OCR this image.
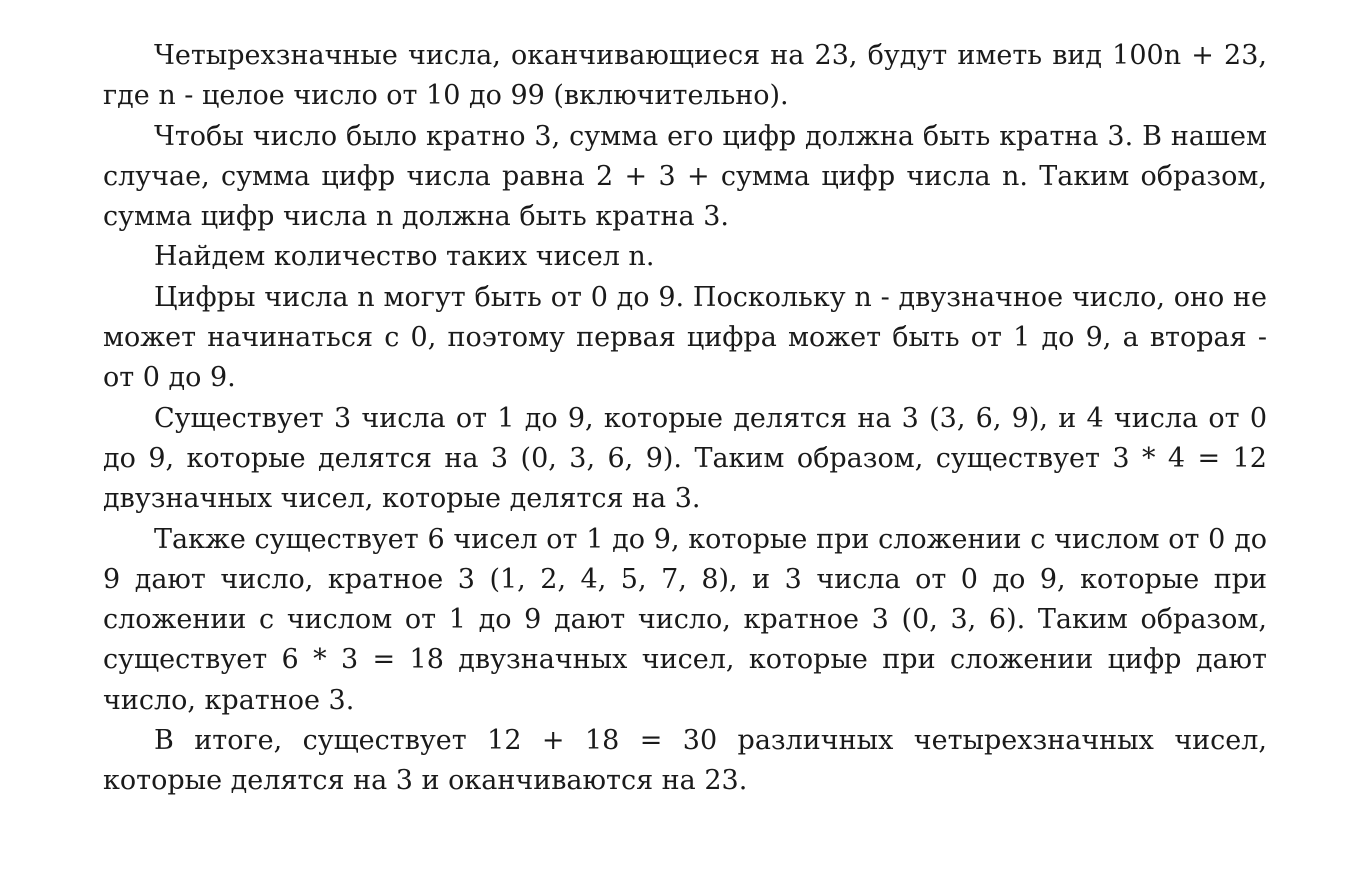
Четырехзначные числа, оканчивающиеся на 23, будут иметь вид 100n + 23, где n - целое число от 10 до 99 (включительно).

Чтобы число было кратно 3, сумма его цифр должна быть кратна 3. В нашем случае, сумма цифр числа равна 2 + 3 + сумма цифр числа n. Таким образом, сумма цифр числа n должна быть кратна 3.

Найдем количество таких чисел n.

Цифры числа n могут быть от 0 до 9. Поскольку n - двузначное число, оно не может начинаться с 0, поэтому первая цифра может быть от 1 до 9, а вторая - от 0 до 9.

Существует 3 числа от 1 до 9, которые делятся на 3 (3, 6, 9), и 4 числа от 0 до 9, которые делятся на 3 (0, 3, 6, 9). Таким образом, существует 3 * 4 = 12 двузначных чисел, которые делятся на 3.

Также существует 6 чисел от 1 до 9, которые при сложении с числом от 0 до 9 дают число, кратное 3 (1, 2, 4, 5, 7, 8), и 3 числа от 0 до 9, которые при сложении с числом от 1 до 9 дают число, кратное 3 (0, 3, 6). Таким образом, существует 6 * 3 = 18 двузначных чисел, которые при сложении цифр дают число, кратное 3.

В итоге, существует 12 + 18 = 30 различных четырехзначных чисел, которые делятся на 3 и оканчиваются на 23.
